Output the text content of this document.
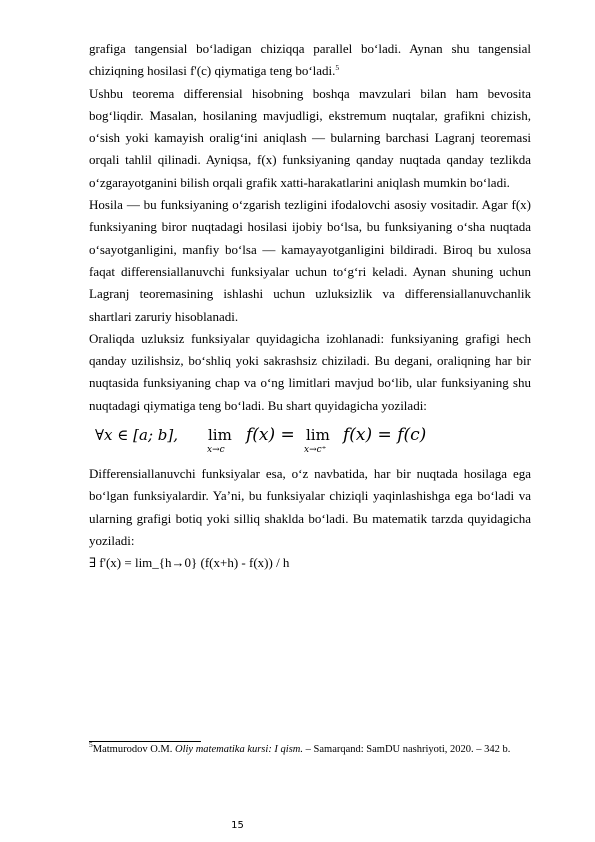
grafiga tangensial bo‘ladigan chiziqqa parallel bo‘ladi. Aynan shu tangensial chiziqning hosilasi f'(c) qiymatiga teng bo‘ladi.$^5$

Ushbu teorema differensial hisobning boshqa mavzulari bilan ham bevosita bog‘liqdir. Masalan, hosilaning mavjudligi, ekstremum nuqtalar, grafikni chizish, o‘sish yoki kamayish oralig‘ini aniqlash — bularning barchasi Lagranj teoremasi orqali tahlil qilinadi. Ayniqsa, f(x) funksiyaning qanday nuqtada qanday tezlikda o‘zgarayotganini bilish orqali grafik xatti-harakatlarini aniqlash mumkin bo‘ladi.

Hosila — bu funksiyaning o‘zgarish tezligini ifodalovchi asosiy vositadir. Agar f(x) funksiyaning biror nuqtadagi hosilasi ijobiy bo‘lsa, bu funksiyaning o‘sha nuqtada o‘sayotganligini, manfiy bo‘lsa — kamayayotganligini bildiradi. Biroq bu xulosa faqat differensiallanuvchi funksiyalar uchun to‘g‘ri keladi. Aynan shuning uchun Lagranj teoremasining ishlashi uchun uzluksizlik va differensiallanuvchanlik shartlari zaruriy hisoblanadi.

Oraliqda uzluksiz funksiyalar quyidagicha izohlanadi: funksiyaning grafigi hech qanday uzilishsiz, bo‘shliq yoki sakrashsiz chiziladi. Bu degani, oraliqning har bir nuqtasida funksiyaning chap va o‘ng limitlari mavjud bo‘lib, ular funksiyaning shu nuqtadagi qiymatiga teng bo‘ladi. Bu shart quyidagicha yoziladi:

∀x ∈ [a; b], lim
x→c
f(x) = lim
x→c⁺
f(x) = f(c)

Differensiallanuvchi funksiyalar esa, o‘z navbatida, har bir nuqtada hosilaga ega bo‘lgan funksiyalardir. Ya’ni, bu funksiyalar chiziqli yaqinlashishga ega bo‘ladi va ularning grafigi botiq yoki silliq shaklda bo‘ladi. Bu matematik tarzda quyidagicha yoziladi:

∃ f'(x) = lim_{h→0} (f(x+h) - f(x)) / h

$^5$Matmurodov O.M. Oliy matematika kursi: I qism. – Samarqand: SamDU nashriyoti, 2020. – 342 b.
15
